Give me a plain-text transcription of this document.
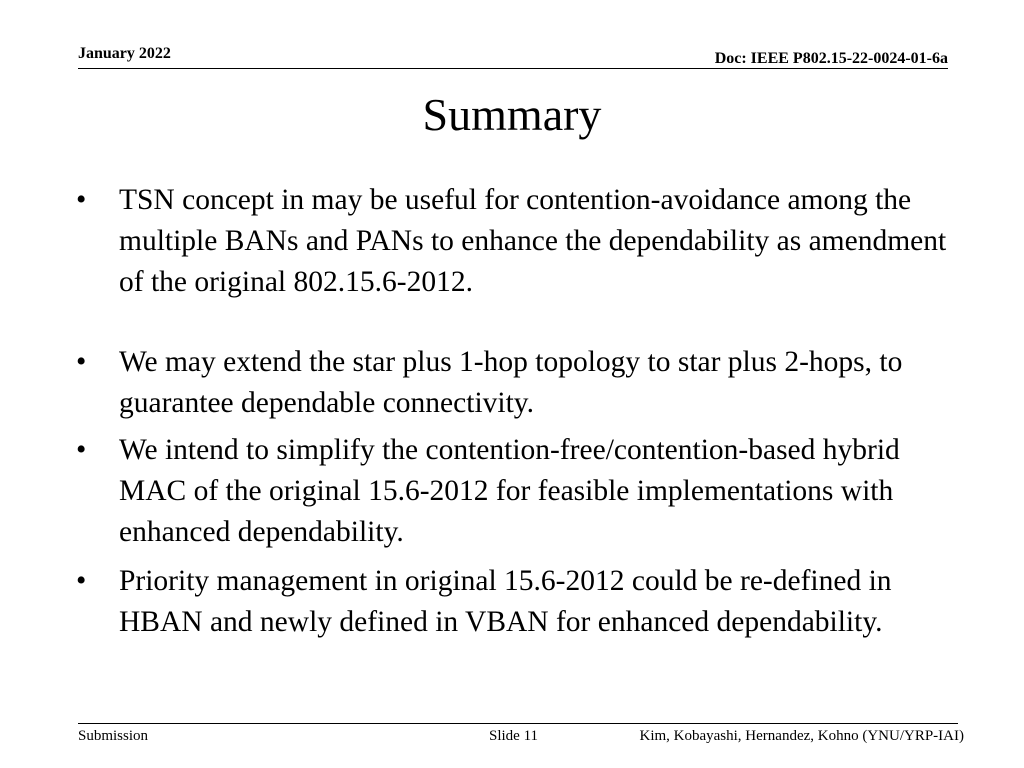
January 2022	Doc: IEEE P802.15-22-0024-01-6a
Summary
• TSN concept in may be useful for contention-avoidance among the multiple BANs and PANs to enhance the dependability as amendment of the original 802.15.6-2012.
• We may extend the star plus 1-hop topology to star plus 2-hops, to guarantee dependable connectivity.
• We intend to simplify the contention-free/contention-based hybrid MAC of the original 15.6-2012 for feasible implementations with enhanced dependability.
• Priority management in original 15.6-2012 could be re-defined in HBAN and newly defined in VBAN for enhanced dependability.
Submission	Slide 11	Kim, Kobayashi, Hernandez, Kohno (YNU/YRP-IAI)
